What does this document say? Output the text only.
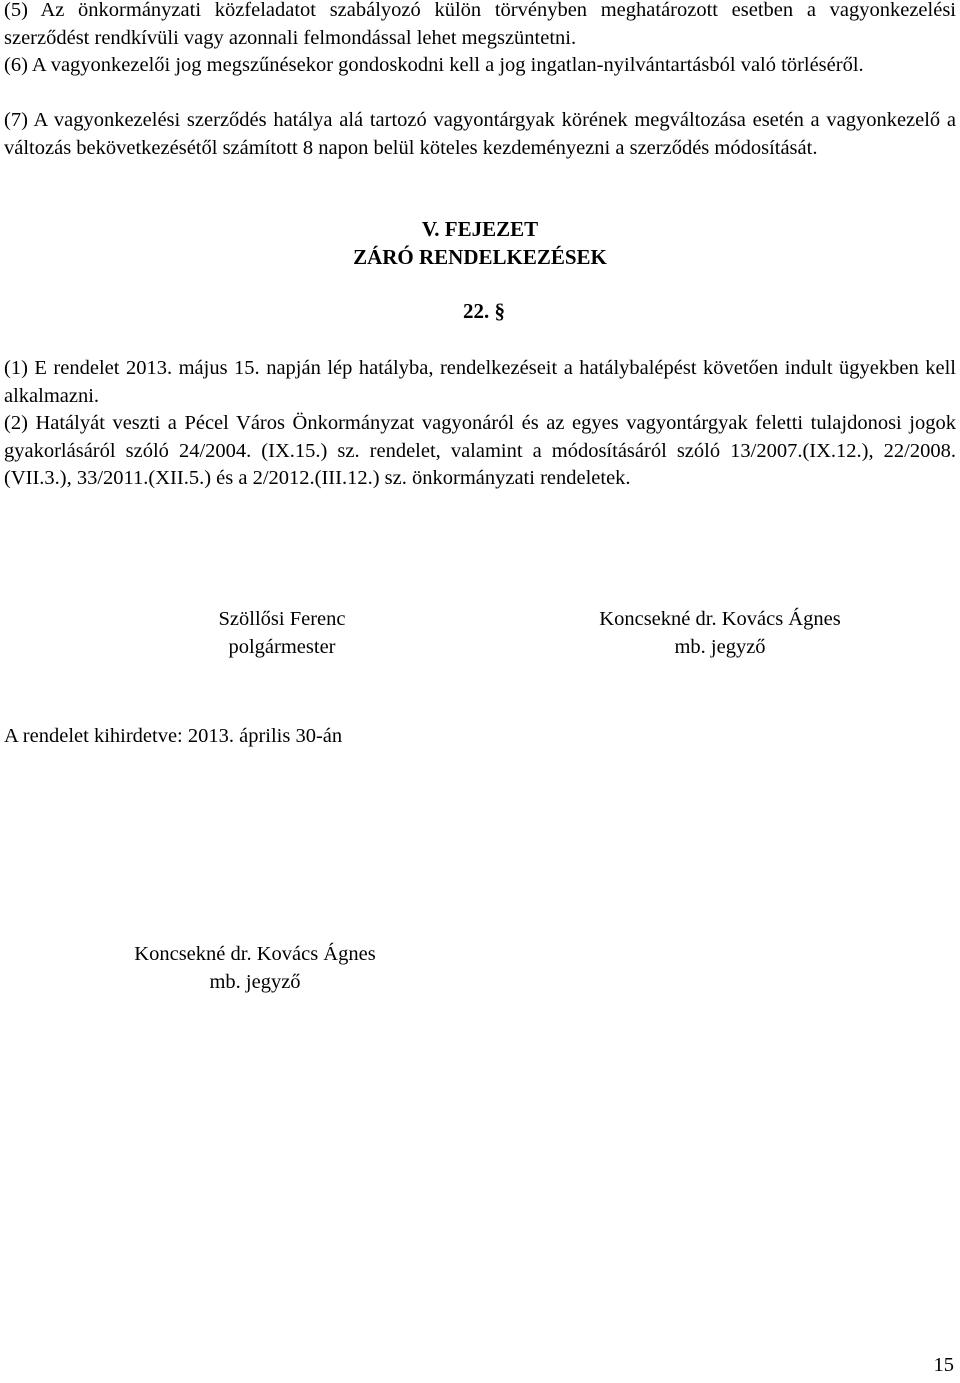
(5) Az önkormányzati közfeladatot szabályozó külön törvényben meghatározott esetben a vagyonkezelési szerződést rendkívüli vagy azonnali felmondással lehet megszüntetni.

(6) A vagyonkezelői jog megszűnésekor gondoskodni kell a jog ingatlan-nyilvántartásból való törléséről.

(7) A vagyonkezelési szerződés hatálya alá tartozó vagyontárgyak körének megváltozása esetén a vagyonkezelő a változás bekövetkezésétől számított 8 napon belül köteles kezdeményezni a szerződés módosítását.

V. FEJEZET
ZÁRÓ RENDELKEZÉSEK
22. §

(1) E rendelet 2013. május 15. napján lép hatályba, rendelkezéseit a hatálybalépést követően indult ügyekben kell alkalmazni.

(2) Hatályát veszti a Pécel Város Önkormányzat vagyonáról és az egyes vagyontárgyak feletti tulajdonosi jogok gyakorlásáról szóló 24/2004. (IX.15.) sz. rendelet, valamint a módosításáról szóló 13/2007.(IX.12.), 22/2008.(VII.3.), 33/2011.(XII.5.) és a 2/2012.(III.12.) sz. önkormányzati rendeletek.

Szöllősi Ferenc
polgármester
Koncsekné dr. Kovács Ágnes
mb. jegyző
A rendelet kihirdetve: 2013. április 30-án
Koncsekné dr. Kovács Ágnes
mb. jegyző
15
